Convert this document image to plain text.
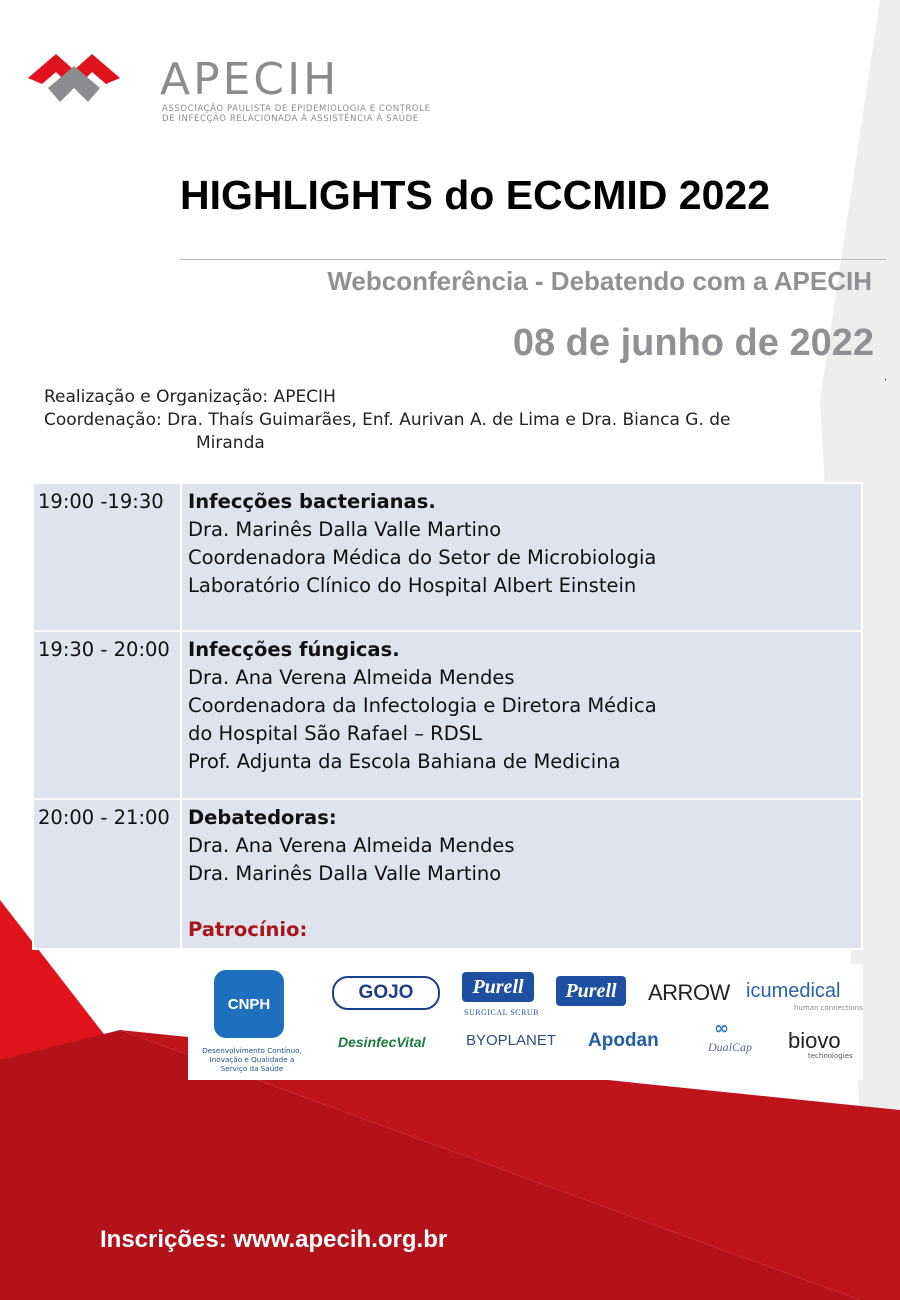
APECIH
ASSOCIAÇÃO PAULISTA DE EPIDEMIOLOGIA E CONTROLE
DE INFECÇÃO RELACIONADA À ASSISTÊNCIA À SAÚDE
HIGHLIGHTS do ECCMID 2022
Webconferência - Debatendo com a APECIH
08 de junho de 2022
.
Realização e Organização: APECIH
Coordenação: Dra. Thaís Guimarães, Enf. Aurivan A. de Lima e Dra. Bianca G. de
Miranda
19:00 -19:30	Infecções bacterianas.
Dra. Marinês Dalla Valle Martino
Coordenadora Médica do Setor de Microbiologia
Laboratório Clínico do Hospital Albert Einstein

19:30 - 20:00	Infecções fúngicas.
Dra. Ana Verena Almeida Mendes
Coordenadora da Infectologia e Diretora Médica
do Hospital São Rafael – RDSL
Prof. Adjunta da Escola Bahiana de Medicina

20:00 - 21:00	Debatedoras:
Dra. Ana Verena Almeida Mendes
Dra. Marinês Dalla Valle Martino
Patrocínio:
CNPH
Desenvolvimento Contínuo, Inovação e Qualidade a Serviço da Saúde
GOJO	Purell
SURGICAL SCRUB
Purell	ARROW icumedical
human connections
DesinfecVital	BYOPLANET Apodan
∞
DualCap biovo
technologies
Inscrições: www.apecih.org.br
